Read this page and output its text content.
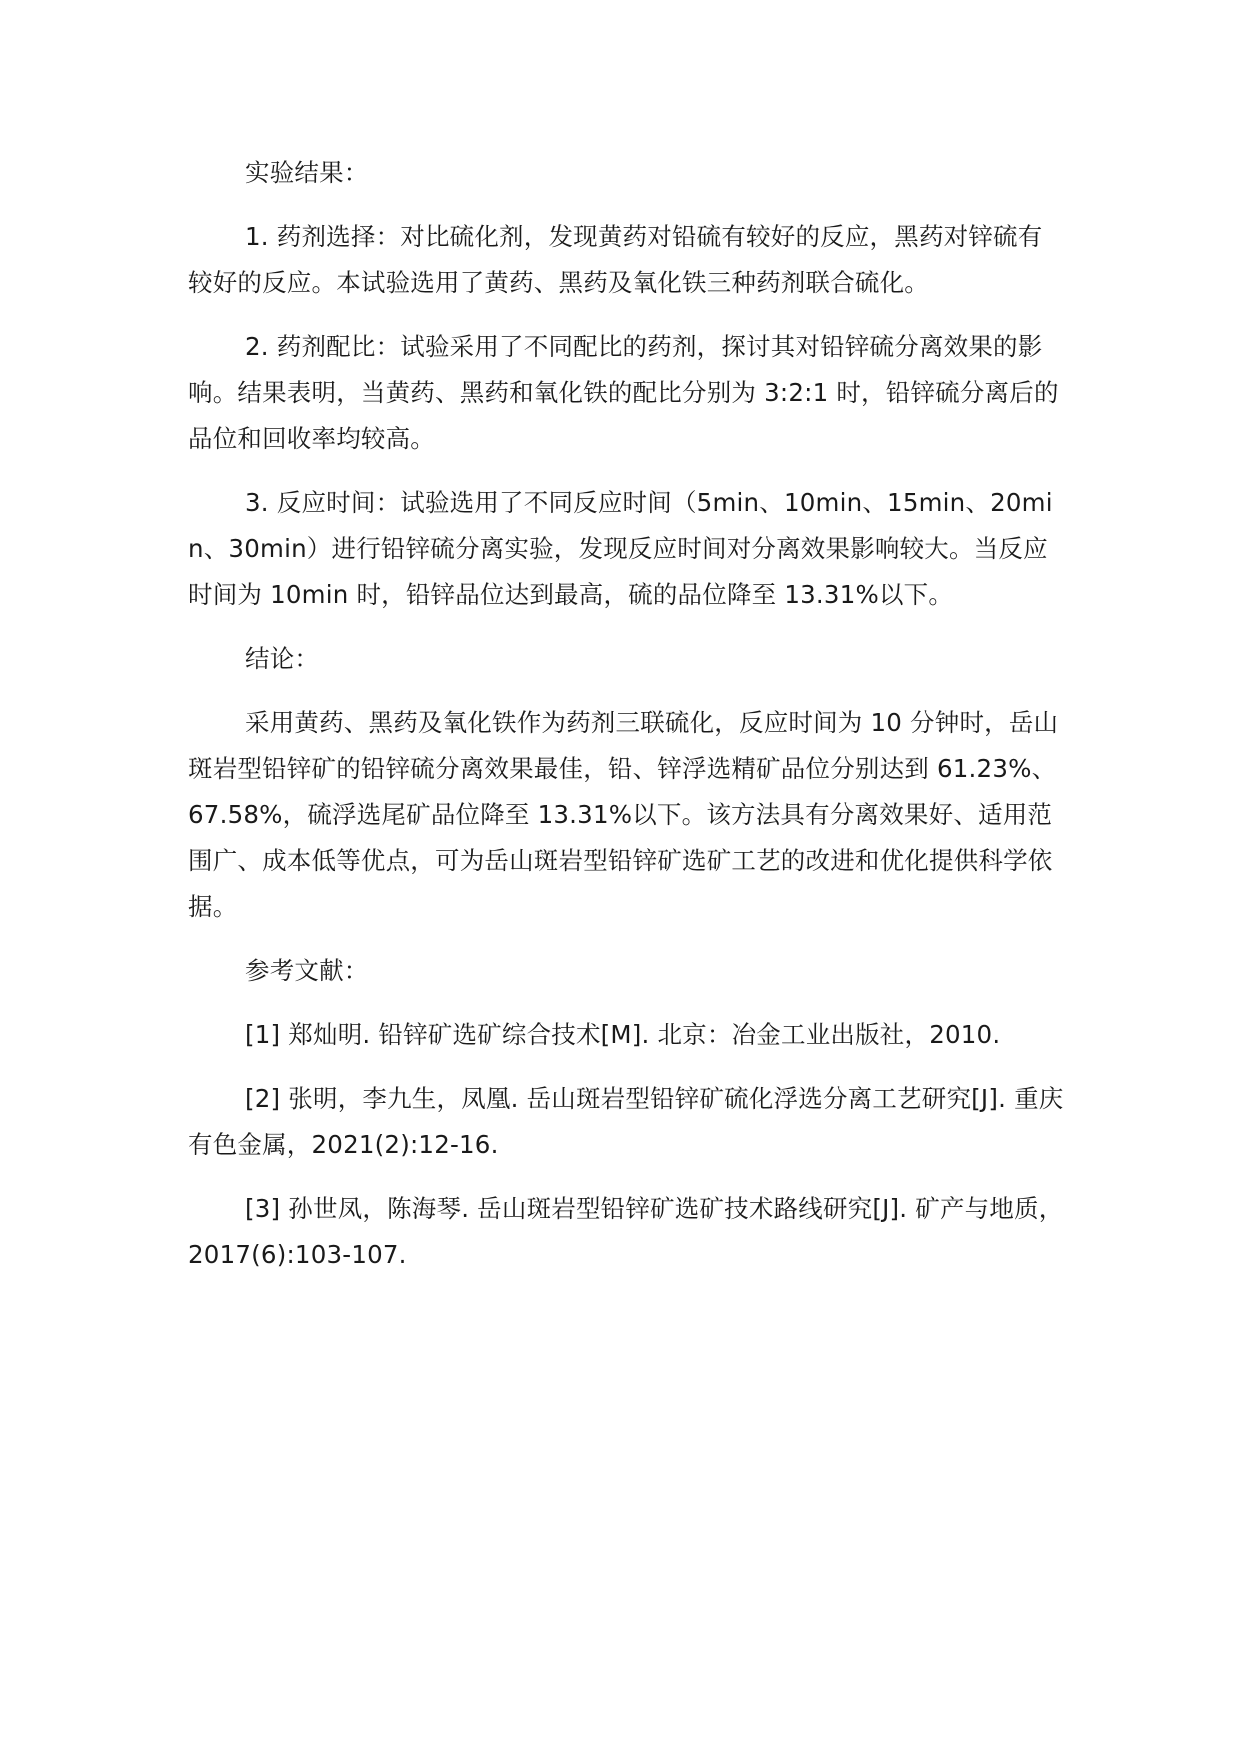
实验结果：

1. 药剂选择：对比硫化剂，发现黄药对铅硫有较好的反应，黑药对锌硫有较好的反应。本试验选用了黄药、黑药及氧化铁三种药剂联合硫化。

2. 药剂配比：试验采用了不同配比的药剂，探讨其对铅锌硫分离效果的影响。结果表明，当黄药、黑药和氧化铁的配比分别为 3:2:1 时，铅锌硫分离后的品位和回收率均较高。

3. 反应时间：试验选用了不同反应时间（5min、10min、15min、20min、30min）进行铅锌硫分离实验，发现反应时间对分离效果影响较大。当反应时间为 10min 时，铅锌品位达到最高，硫的品位降至 13.31%以下。

结论：

采用黄药、黑药及氧化铁作为药剂三联硫化，反应时间为 10 分钟时，岳山斑岩型铅锌矿的铅锌硫分离效果最佳，铅、锌浮选精矿品位分别达到 61.23%、67.58%，硫浮选尾矿品位降至 13.31%以下。该方法具有分离效果好、适用范围广、成本低等优点，可为岳山斑岩型铅锌矿选矿工艺的改进和优化提供科学依据。

参考文献：

[1] 郑灿明. 铅锌矿选矿综合技术[M]. 北京：冶金工业出版社，2010.

[2] 张明，李九生，凤凰. 岳山斑岩型铅锌矿硫化浮选分离工艺研究[J]. 重庆有色金属，2021(2):12-16.

[3] 孙世凤，陈海琴. 岳山斑岩型铅锌矿选矿技术路线研究[J]. 矿产与地质，2017(6):103-107.
